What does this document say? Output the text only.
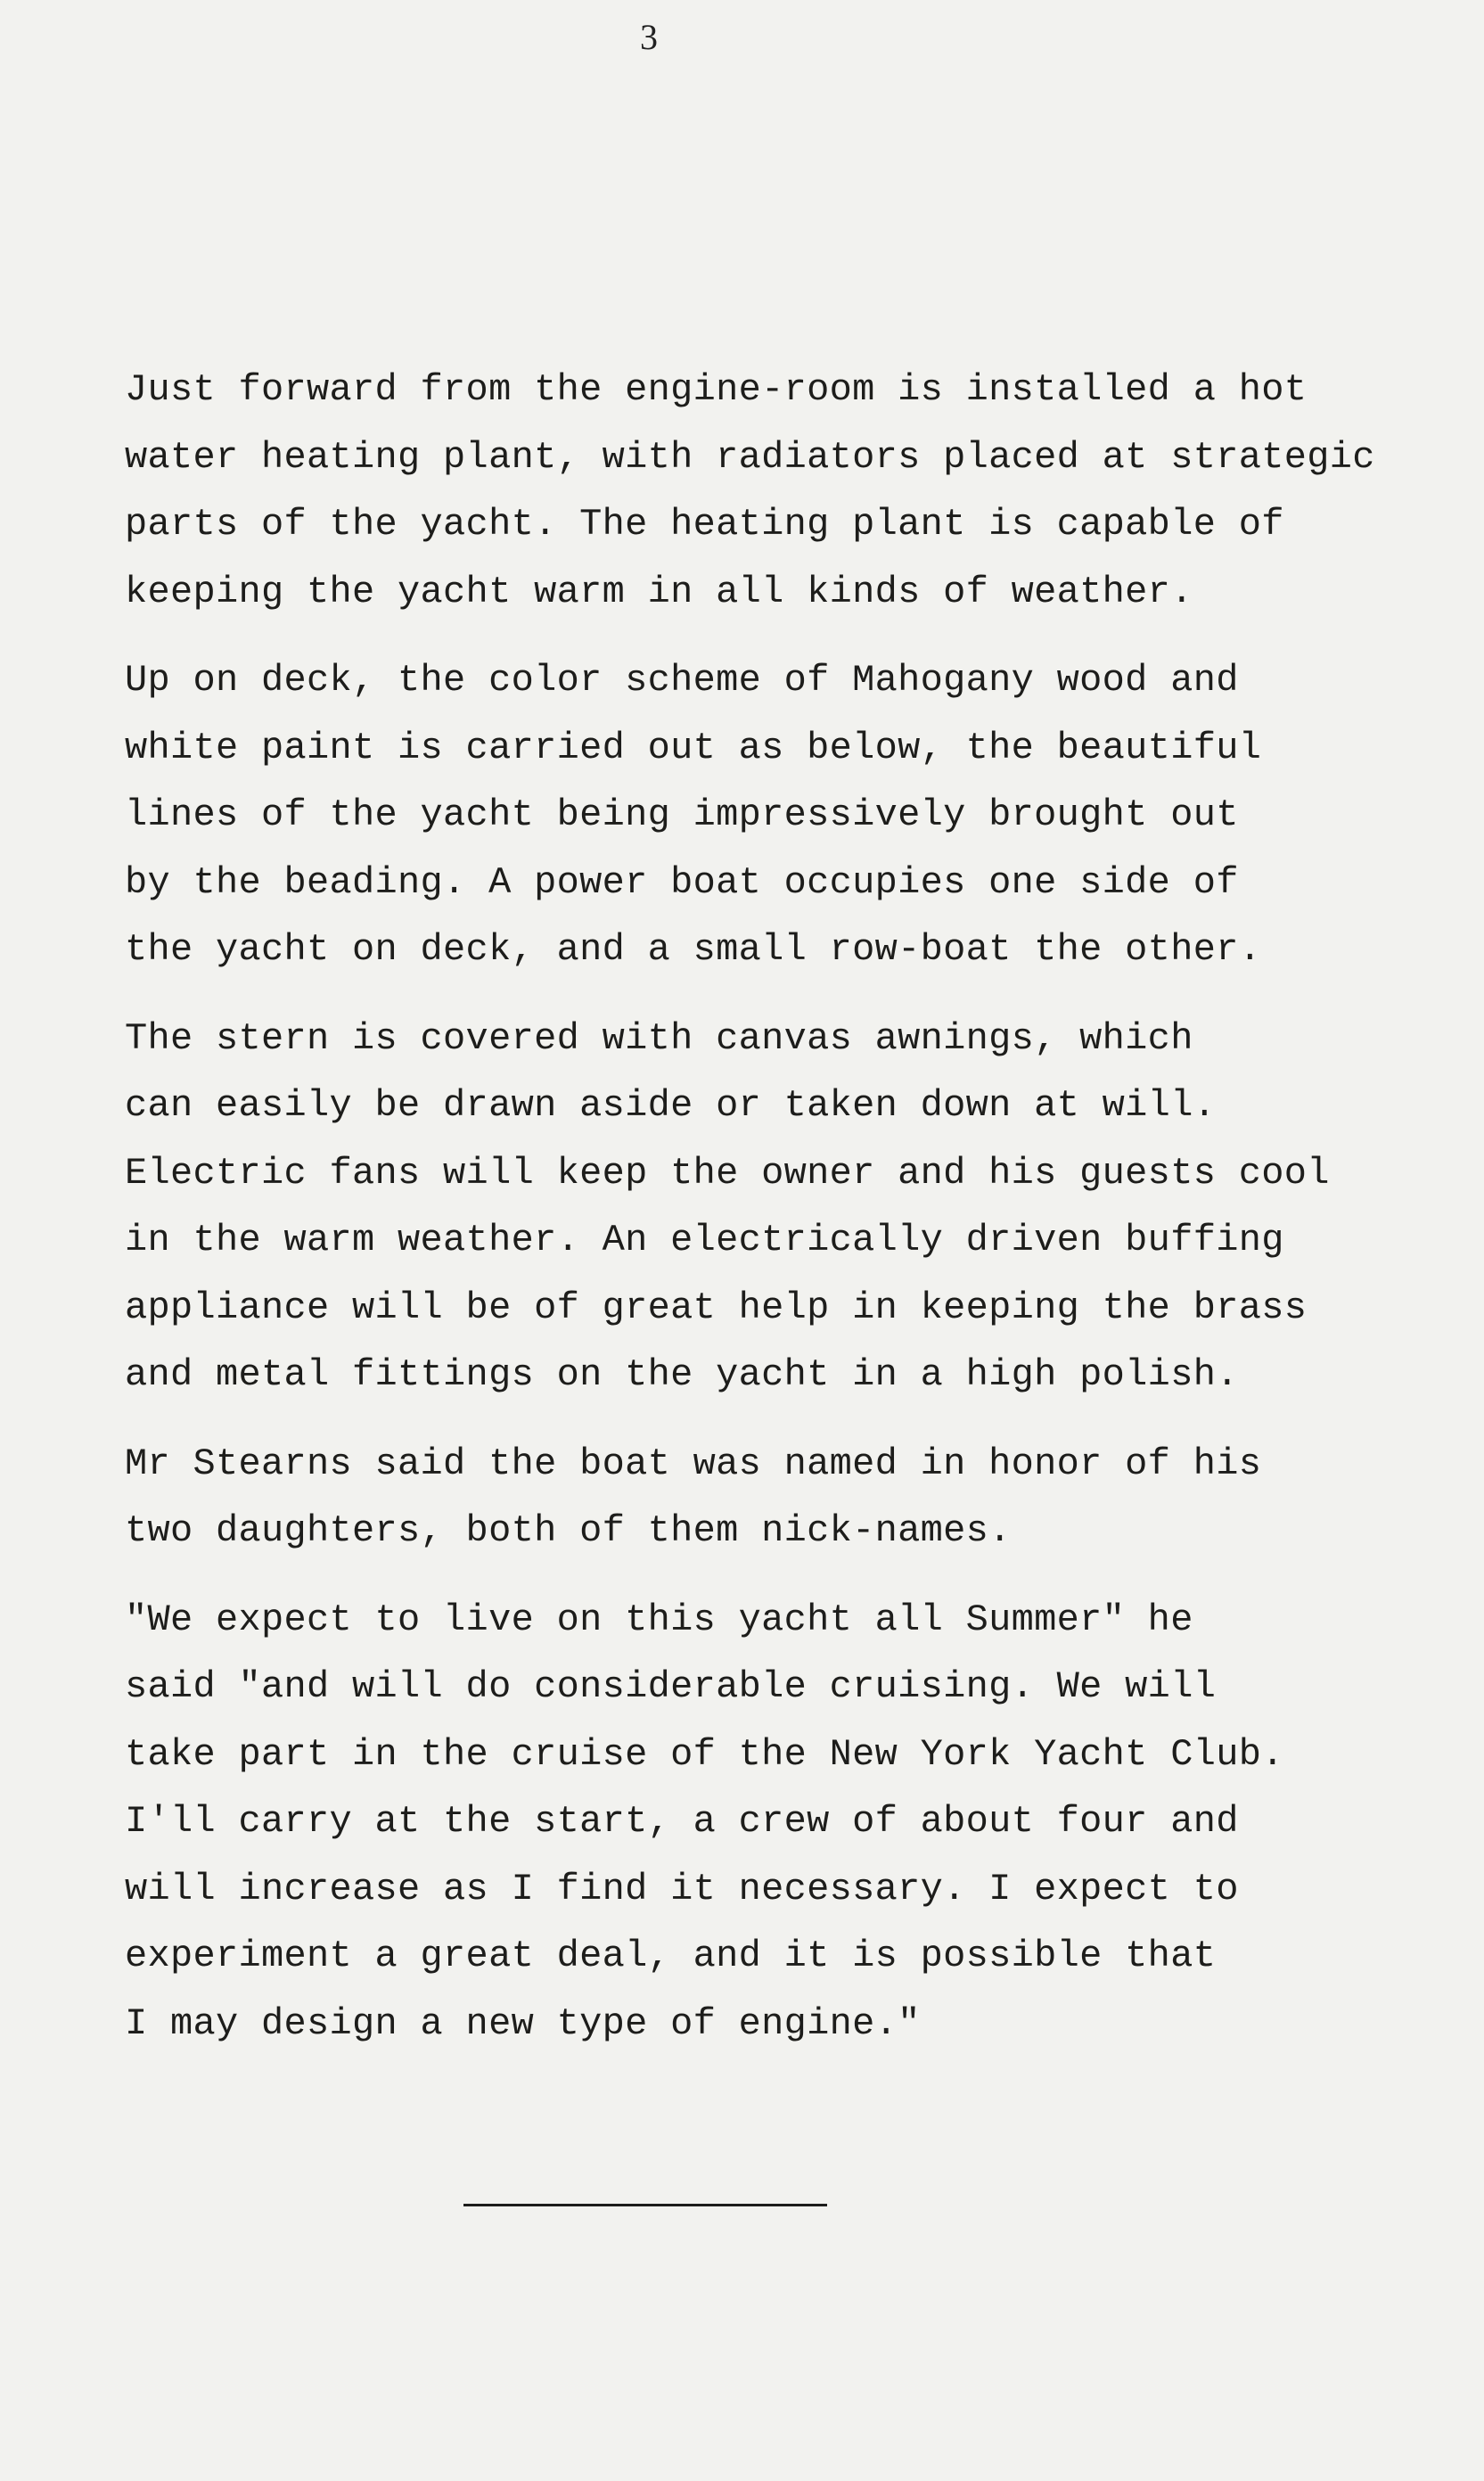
3
Just forward from the engine-room is installed a hot
water heating plant, with radiators placed at strategic
parts of the yacht. The heating plant is capable of
keeping the yacht warm in all kinds of weather.
Up on deck, the color scheme of Mahogany wood and
white paint is carried out as below, the beautiful
lines of the yacht being impressively brought out
by the beading. A power boat occupies one side of
the yacht on deck, and a small row-boat the other.
The stern is covered with canvas awnings, which
can easily be drawn aside or taken down at will.
Electric fans will keep the owner and his guests cool
in the warm weather. An electrically driven buffing
appliance will be of great help in keeping the brass
and metal fittings on the yacht in a high polish.
Mr Stearns said the boat was named in honor of his
two daughters, both of them nick-names.
"We expect to live on this yacht all Summer" he
said "and will do considerable cruising. We will
take part in the cruise of the New York Yacht Club.
I'll carry at the start, a crew of about four and
will increase as I find it necessary. I expect to
experiment a great deal, and it is possible that
I may design a new type of engine."
